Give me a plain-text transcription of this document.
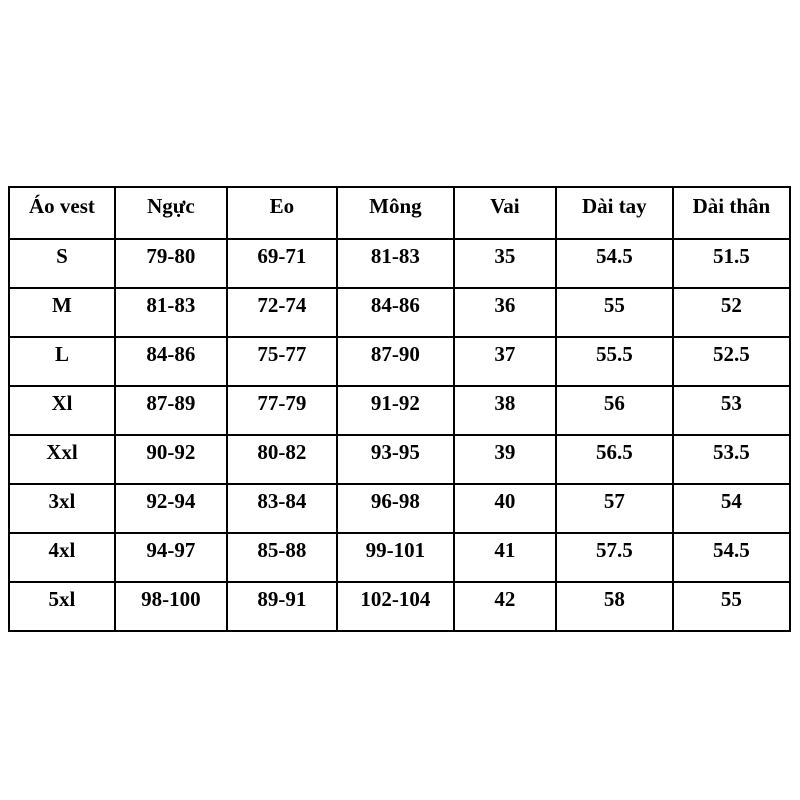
Áo vest	Ngực	Eo	Mông	Vai	Dài tay	Dài thân
S	79-80	69-71	81-83	35	54.5	51.5
M	81-83	72-74	84-86	36	55	52
L	84-86	75-77	87-90	37	55.5	52.5
Xl	87-89	77-79	91-92	38	56	53
Xxl	90-92	80-82	93-95	39	56.5	53.5
3xl	92-94	83-84	96-98	40	57	54
4xl	94-97	85-88	99-101	41	57.5	54.5
5xl	98-100	89-91	102-104	42	58	55
